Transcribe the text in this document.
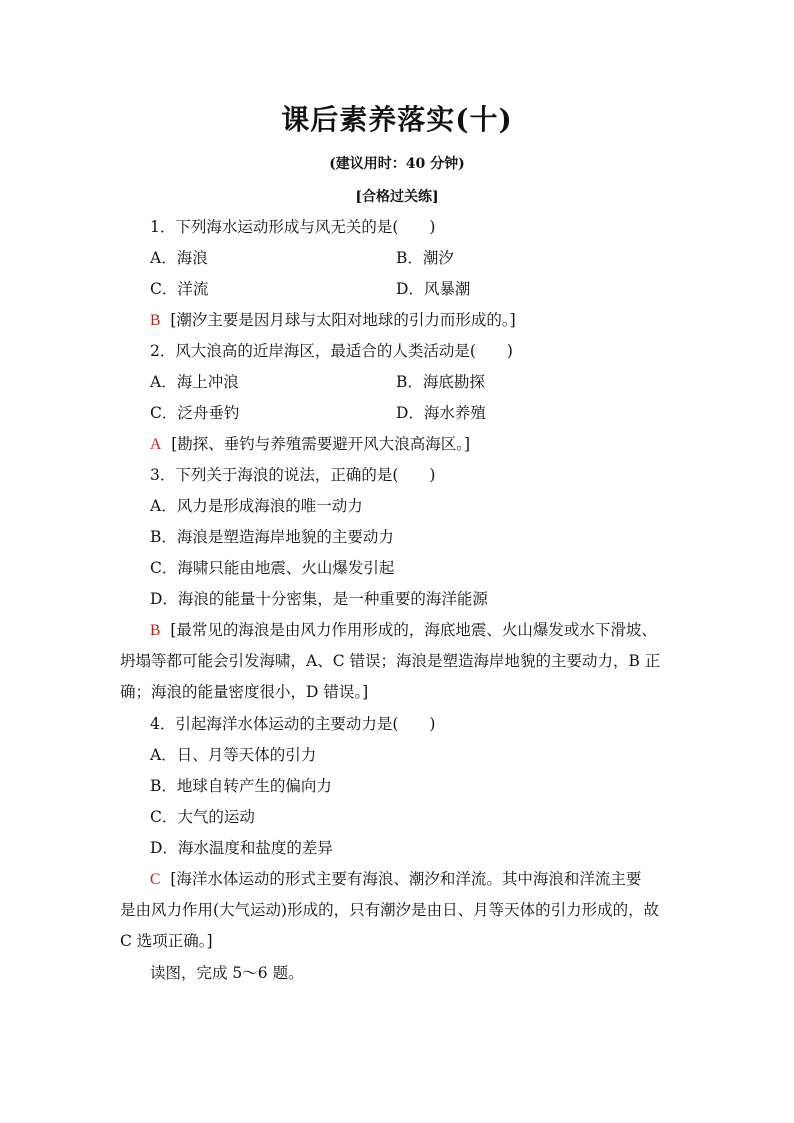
课后素养落实(十)
(建议用时：40 分钟)
[合格过关练]
1．下列海水运动形成与风无关的是(　　)
A．海浪	B．潮汐
C．洋流	D．风暴潮
B [潮汐主要是因月球与太阳对地球的引力而形成的。]
2．风大浪高的近岸海区，最适合的人类活动是(　　)
A．海上冲浪	B．海底勘探
C．泛舟垂钓	D．海水养殖
A [勘探、垂钓与养殖需要避开风大浪高海区。]
3．下列关于海浪的说法，正确的是(　　)
A．风力是形成海浪的唯一动力
B．海浪是塑造海岸地貌的主要动力
C．海啸只能由地震、火山爆发引起
D．海浪的能量十分密集，是一种重要的海洋能源
B [最常见的海浪是由风力作用形成的，海底地震、火山爆发或水下滑坡、
坍塌等都可能会引发海啸，A、C 错误；海浪是塑造海岸地貌的主要动力，B 正
确；海浪的能量密度很小，D 错误。]
4．引起海洋水体运动的主要动力是(　　)
A．日、月等天体的引力
B．地球自转产生的偏向力
C．大气的运动
D．海水温度和盐度的差异
C [海洋水体运动的形式主要有海浪、潮汐和洋流。其中海浪和洋流主要
是由风力作用(大气运动)形成的，只有潮汐是由日、月等天体的引力形成的，故
C 选项正确。]
读图，完成 5～6 题。
